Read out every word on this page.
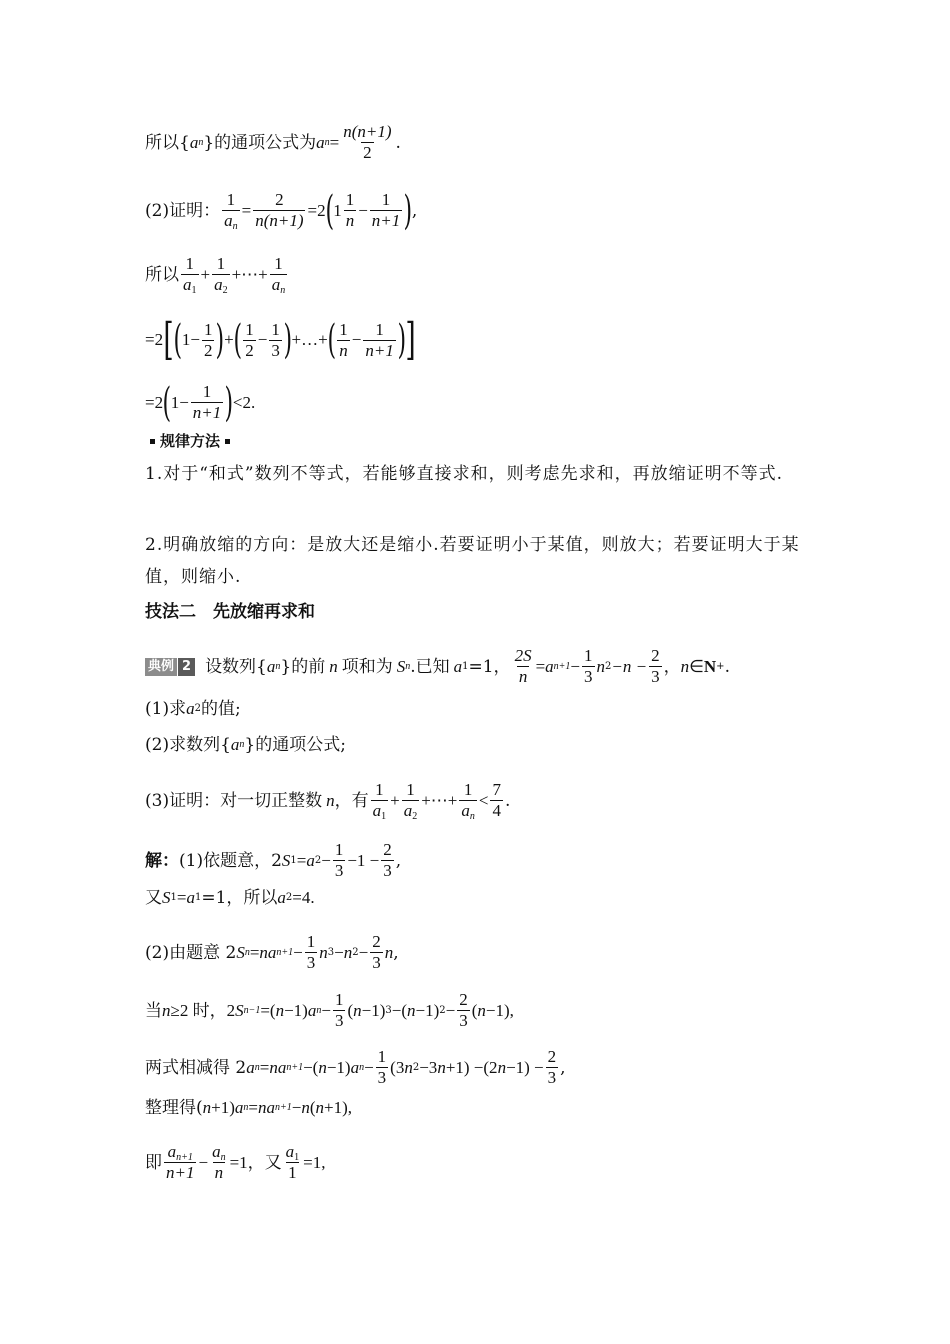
所以{ a n }的通项公式为 a $n = \frac{n(n+1)}{2}$ .
(2)证明： $\frac{1}{a_n} = \frac{2}{n(n+1)} =2$ ( $1 \frac{1}{n} - \frac{1}{n+1}$ ) ,
所以 $\frac{1}{a_1} + \frac{1}{a_2}$ +⋯+ $\frac{1}{a_n}$
=2 [ ( $1 - \frac{1}{2}$ ) + ( $\frac{1}{2} - \frac{1}{3}$ ) +…+ ( $\frac{1}{n} - \frac{1}{n+1}$ ) ]
=2 ( $1 - \frac{1}{n+1}$ ) <2.
规律方法
1.对于“和式”数列不等式，若能够直接求和，则考虑先求和，再放缩证明不等式.
2.明确放缩的方向：是放大还是缩小.若要证明小于某值，则放大；若要证明大于某值，则缩小.
技法二　先放缩再求和
典例 2 设数列{ a n }的前 n 项和为 S n .已知 a 1 =1， $\frac{2S}{n} = a$ $n+1 - \frac{1}{3}$ n $2 -n - \frac{2}{3}$ ， n ∈ N + .
(1)求 a 2 的值;
(2)求数列{ a n }的通项公式;
(3)证明：对一切正整数 n ，有 $\frac{1}{a_1} + \frac{1}{a_2}$ +⋯+ $\frac{1}{a_n} < \frac{7}{4}$ .
解： (1)依题意，2 S 1 = a $2 - \frac{1}{3} -1 - \frac{2}{3}$ ,
又 S 1 = a 1 =1，所以 a 2 =4.
(2)由题意 2 S n = n a $n+1 - \frac{1}{3}$ n 3 − n $2 - \frac{2}{3}$ n ,
当 n ≥2 时，2 S n−1 =( n −1) a $n - \frac{1}{3}$ ( n −1) 3 −( n −1) $2 - \frac{2}{3}$ ( n −1),
两式相减得 2 a n = n a n+1 −( n −1) a $n - \frac{1}{3} (3$ n 2 −3 n +1) −(2 $n -1) - \frac{2}{3}$ ,
整理得( n +1) a n = n a n+1 − n ( n +1),
即 $\frac{a_{n+1}}{n+1} - \frac{a_n}{n} =1$，又 $\frac{a_1}{1} =1$,
